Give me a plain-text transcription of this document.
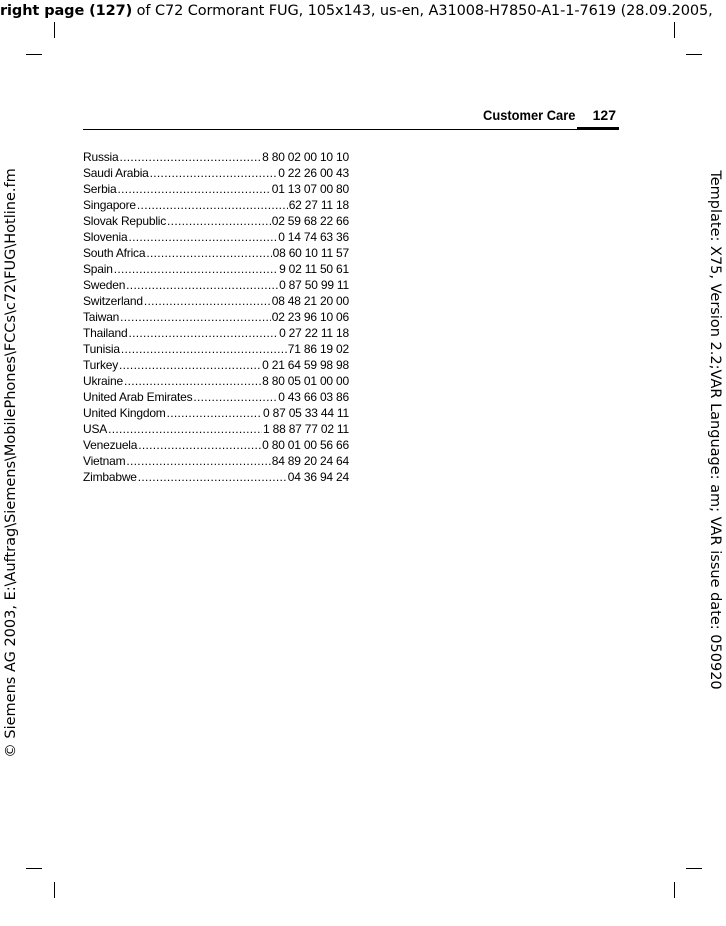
right page (127) of C72 Cormorant FUG, 105x143, us-en, A31008-H7850-A1-1-7619 (28.09.2005,
© Siemens AG 2003, E:\Auftrag\Siemens\MobilePhones\FCCs\c72\FUG\Hotline.fm	Template: X75, Version 2.2;VAR Language: am; VAR issue date: 050920
Customer Care 127
Russia .....	8 80 02 00 10 10
Saudi Arabia .....	0 22 26 00 43
Serbia .....	01 13 07 00 80
Singapore .....	62 27 11 18
Slovak Republic .....	02 59 68 22 66
Slovenia .....	0 14 74 63 36
South Africa .....	08 60 10 11 57
Spain .....	9 02 11 50 61
Sweden .....	0 87 50 99 11
Switzerland .....	08 48 21 20 00
Taiwan .....	02 23 96 10 06
Thailand .....	0 27 22 11 18
Tunisia .....	71 86 19 02
Turkey .....	0 21 64 59 98 98
Ukraine .....	8 80 05 01 00 00
United Arab Emirates .....	0 43 66 03 86
United Kingdom .....	0 87 05 33 44 11
USA .....	1 88 87 77 02 11
Venezuela .....	0 80 01 00 56 66
Vietnam .....	84 89 20 24 64
Zimbabwe .....	04 36 94 24
